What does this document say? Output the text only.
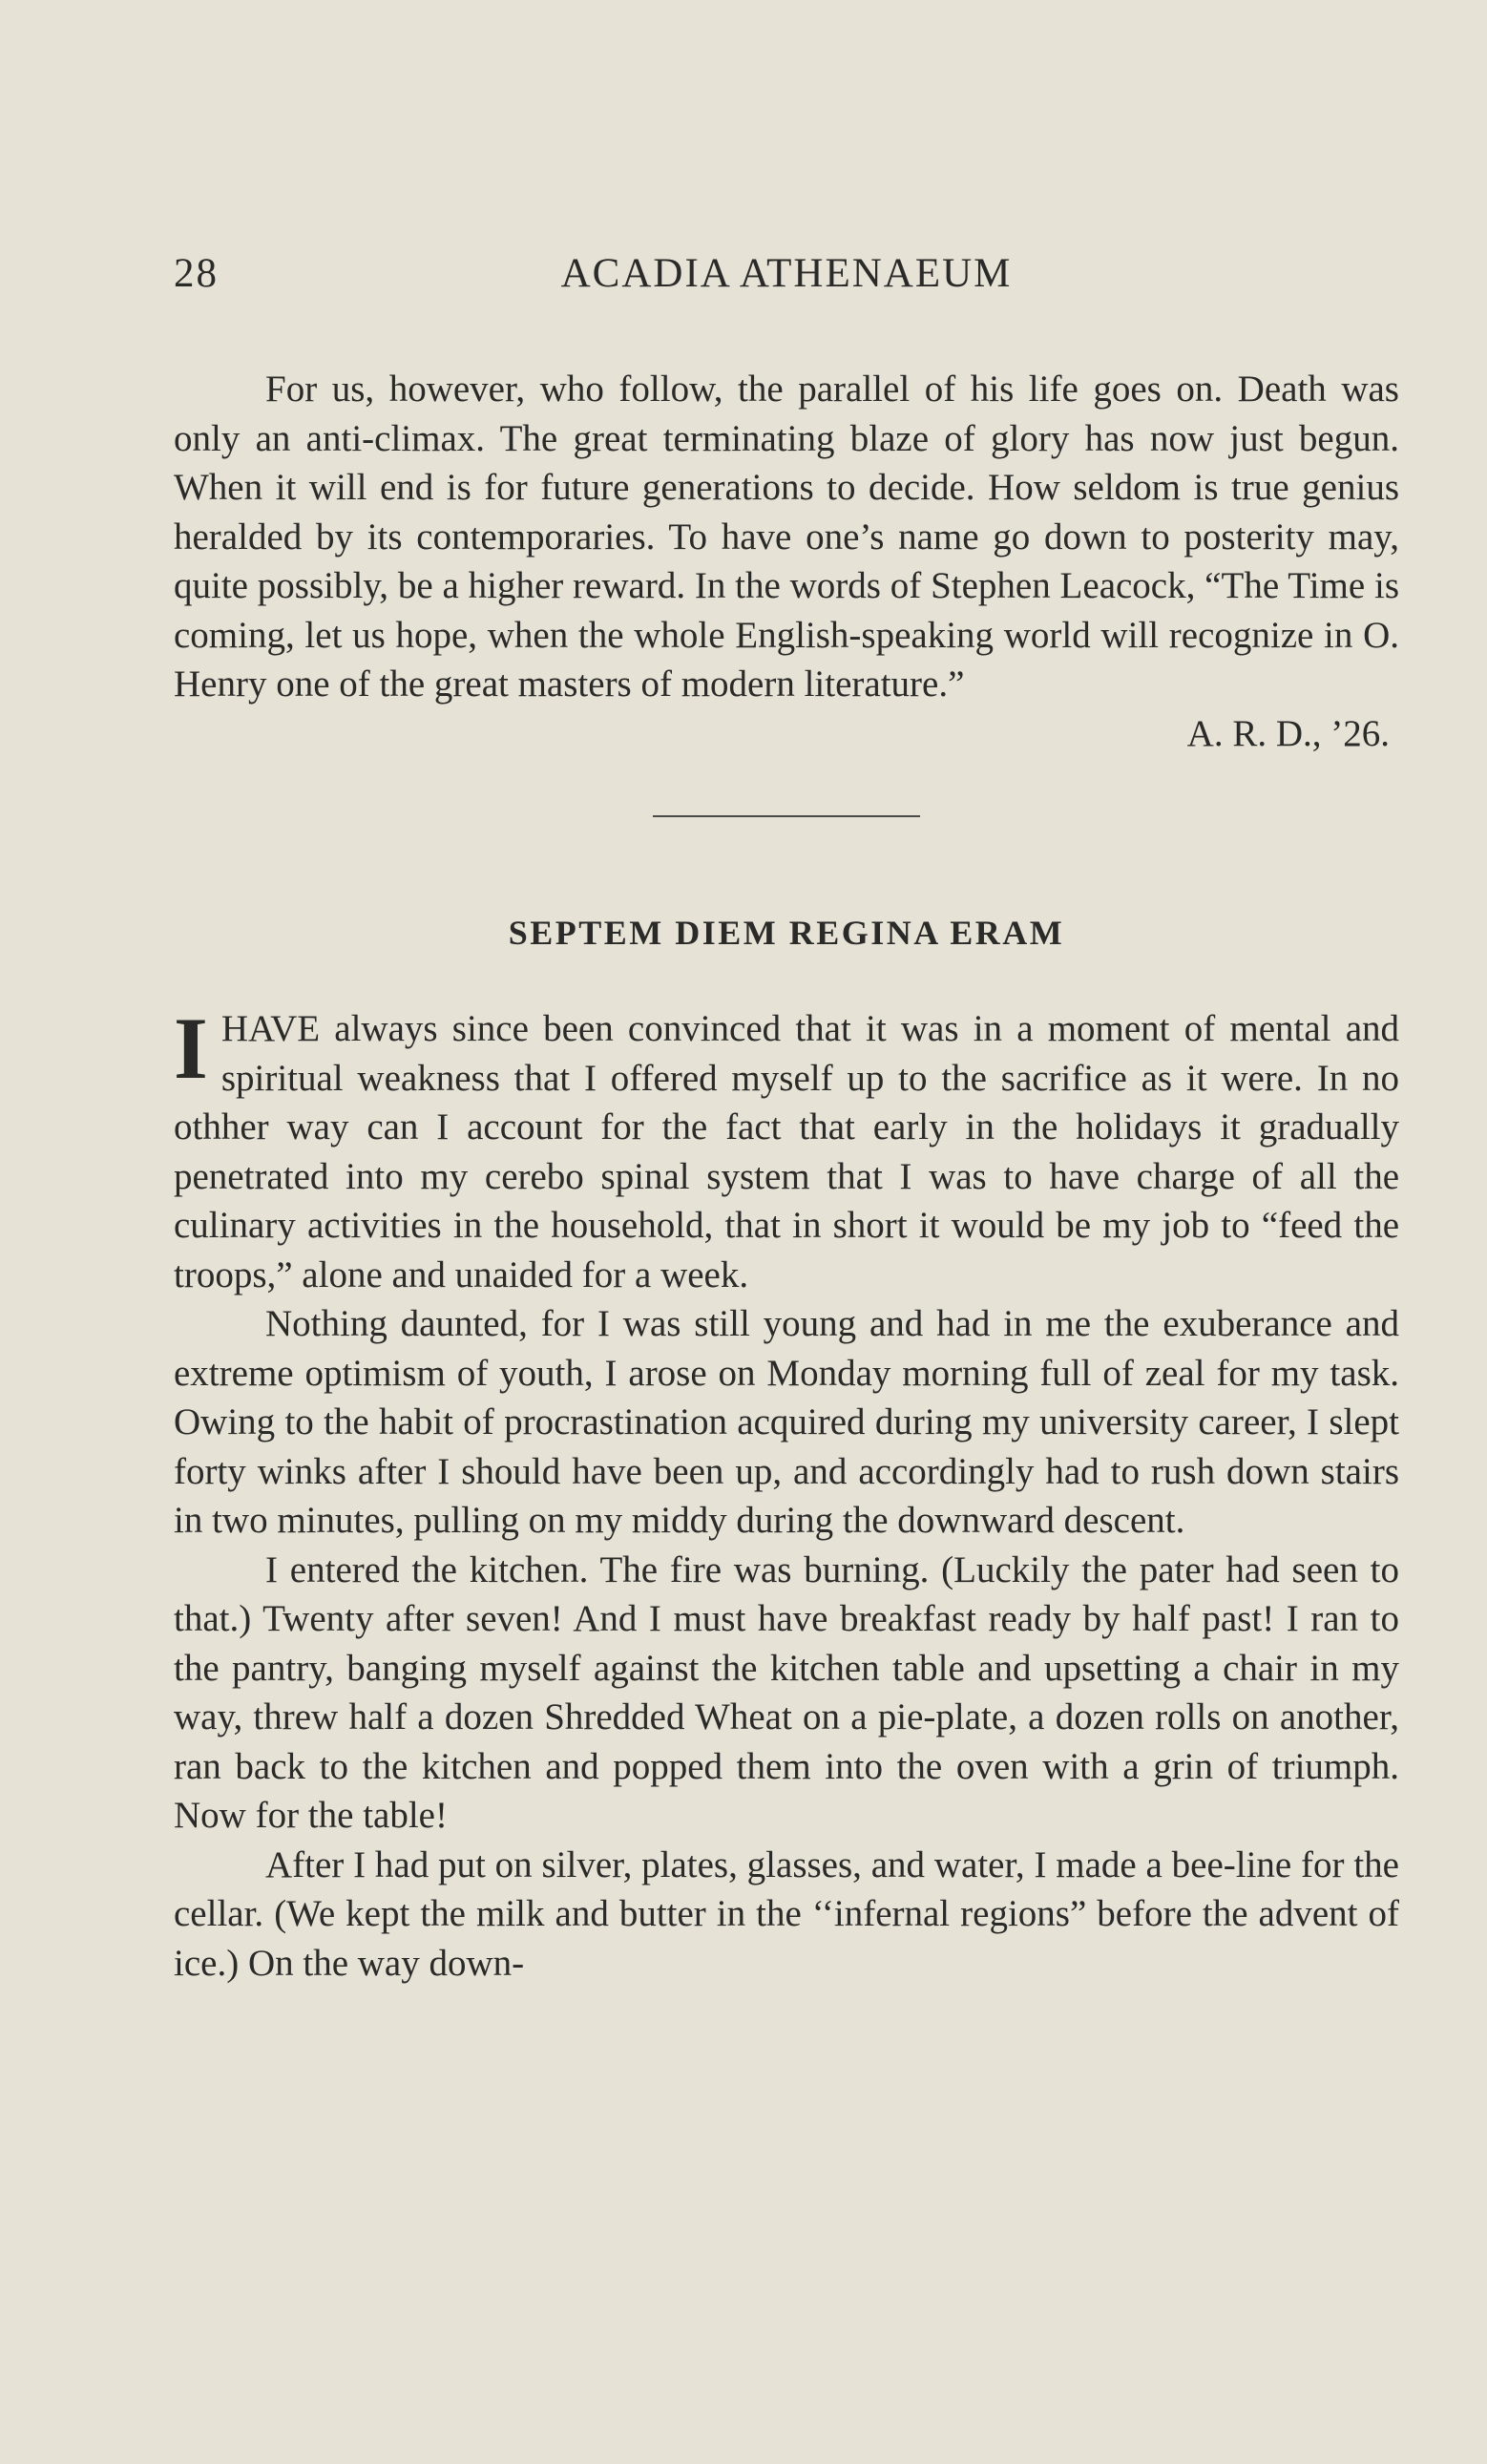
28	ACADIA ATHENAEUM

For us, however, who follow, the parallel of his life goes on. Death was only an anti-climax. The great terminating blaze of glory has now just begun. When it will end is for future generations to decide. How seldom is true genius heralded by its contemporaries. To have one’s name go down to posterity may, quite possibly, be a higher reward. In the words of Stephen Leacock, “The Time is coming, let us hope, when the whole English-speaking world will recognize in O. Henry one of the great masters of modern literature.”

A. R. D., ’26.
SEPTEM DIEM REGINA ERAM

IHAVE always since been convinced that it was in a moment of mental and spiritual weakness that I offered myself up to the sacrifice as it were. In no othher way can I account for the fact that early in the holidays it gradually penetrated into my cerebo spinal system that I was to have charge of all the culinary activities in the household, that in short it would be my job to “feed the troops,” alone and unaided for a week.

Nothing daunted, for I was still young and had in me the exuberance and extreme optimism of youth, I arose on Monday morning full of zeal for my task. Owing to the habit of procrastination acquired during my university career, I slept forty winks after I should have been up, and accordingly had to rush down stairs in two minutes, pulling on my middy during the downward descent.

I entered the kitchen. The fire was burning. (Luckily the pater had seen to that.) Twenty after seven! And I must have breakfast ready by half past! I ran to the pantry, banging myself against the kitchen table and upsetting a chair in my way, threw half a dozen Shredded Wheat on a pie-plate, a dozen rolls on another, ran back to the kitchen and popped them into the oven with a grin of triumph. Now for the table!

After I had put on silver, plates, glasses, and water, I made a bee-line for the cellar. (We kept the milk and butter in the ‘‘infernal regions” before the advent of ice.) On the way down-
